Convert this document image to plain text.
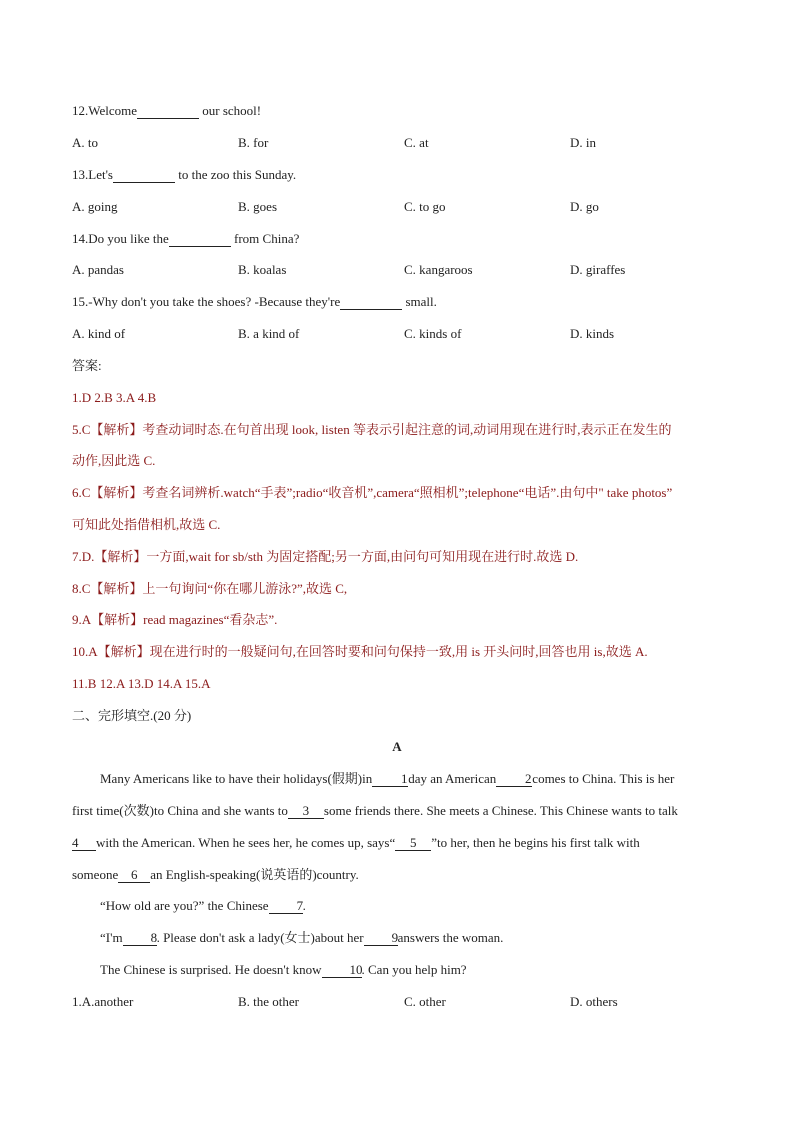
12.Welcome	our school!
A. to	B. for	C. at	D. in
13.Let's	to the zoo this Sunday.
A. going	B. goes	C. to go	D. go
14.Do you like the	from China?
A. pandas	B. koalas	C. kangaroos	D. giraffes
15.-Why don't you take the shoes? -Because they're	small.
A. kind of	B. a kind of	C. kinds of	D. kinds
答案:
1.D 2.B 3.A 4.B
5.C【解析】考查动词时态.在句首出现 look, listen 等表示引起注意的词,动词用现在进行时,表示正在发生的
动作,因此选 C.
6.C【解析】考查名词辨析.watch“手表”;radio“收音机”,camera“照相机”;telephone“电话”.由句中" take photos”
可知此处指借相机,故选 C.
7.D.【解析】一方面,wait for sb/sth 为固定搭配;另一方面,由问句可知用现在进行时.故选 D.
8.C【解析】上一句询问“你在哪儿游泳?”,故选 C,
9.A【解析】read magazines“看杂志”.
10.A【解析】现在进行时的一般疑问句,在回答时要和问句保持一致,用 is 开头问时,回答也用 is,故选 A.
11.B 12.A 13.D 14.A 15.A
二、完形填空.(20 分)
A
Many Americans like to have their holidays(假期)in 1day an American 2comes to China. This is her
first time(次数)to China and she wants to 3 some friends there. She meets a Chinese. This Chinese wants to talk
4 with the American. When he sees her, he comes up, says“ 5 ”to her, then he begins his first talk with
someone 6 an English-speaking(说英语的)country.
“How old are you?” the Chinese 7.
“I'm 8. Please don't ask a lady(女士)about her 9answers the woman.
The Chinese is surprised. He doesn't know 10. Can you help him?
1.A.another	B. the other	C. other	D. others
